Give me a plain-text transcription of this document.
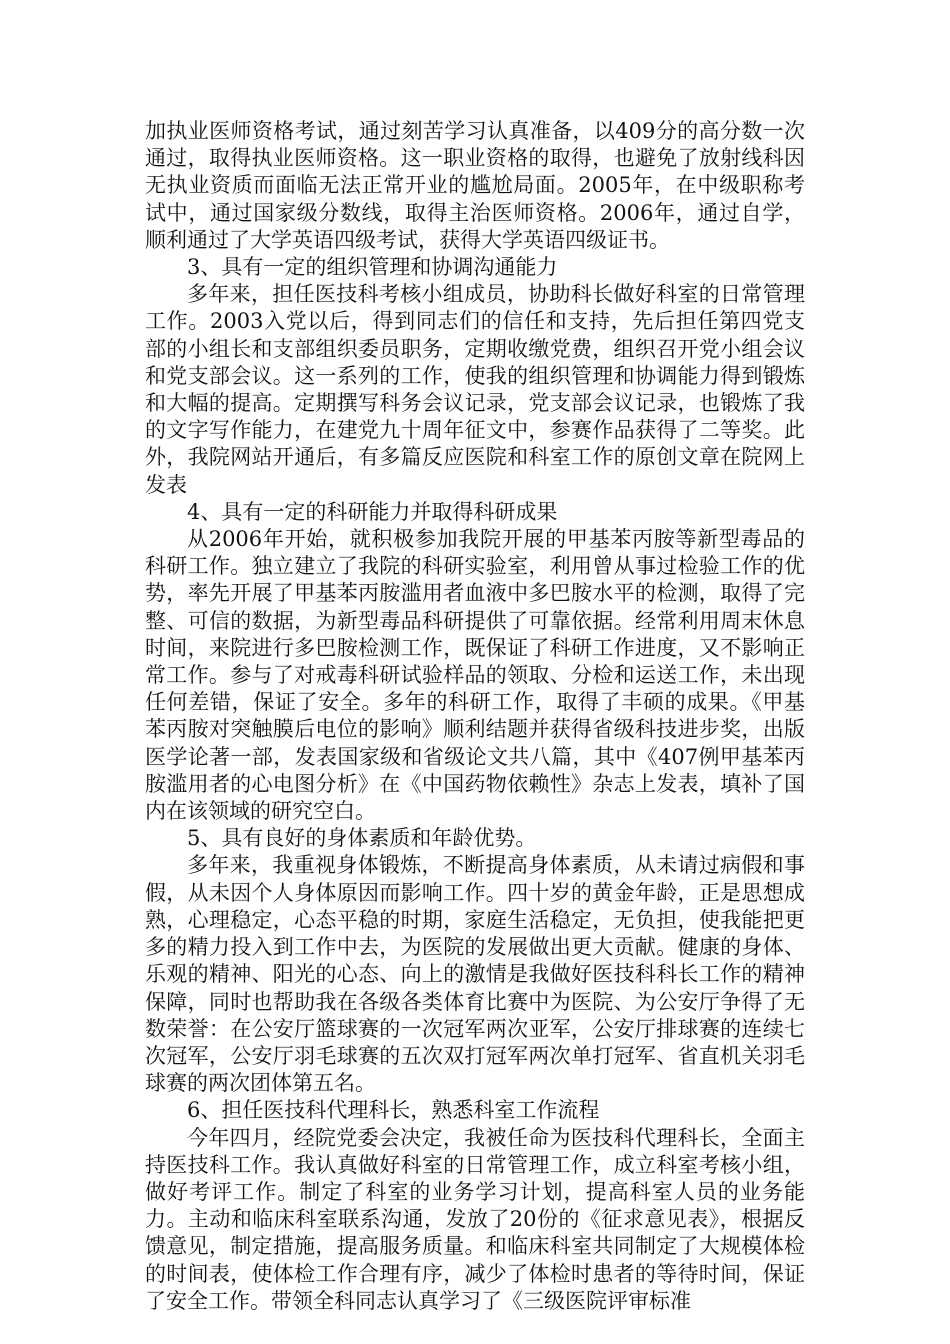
加执业医师资格考试，通过刻苦学习认真准备，以409分的高分数一次通过，取得执业医师资格。这一职业资格的取得，也避免了放射线科因无执业资质而面临无法正常开业的尴尬局面。2005年，在中级职称考试中，通过国家级分数线，取得主治医师资格。2006年，通过自学，顺利通过了大学英语四级考试，获得大学英语四级证书。

3、具有一定的组织管理和协调沟通能力

多年来，担任医技科考核小组成员，协助科长做好科室的日常管理工作。2003入党以后，得到同志们的信任和支持，先后担任第四党支部的小组长和支部组织委员职务，定期收缴党费，组织召开党小组会议和党支部会议。这一系列的工作，使我的组织管理和协调能力得到锻炼和大幅的提高。定期撰写科务会议记录，党支部会议记录，也锻炼了我的文字写作能力，在建党九十周年征文中，参赛作品获得了二等奖。此外，我院网站开通后，有多篇反应医院和科室工作的原创文章在院网上发表

4、具有一定的科研能力并取得科研成果

从2006年开始，就积极参加我院开展的甲基苯丙胺等新型毒品的科研工作。独立建立了我院的科研实验室，利用曾从事过检验工作的优势，率先开展了甲基苯丙胺滥用者血液中多巴胺水平的检测，取得了完整、可信的数据，为新型毒品科研提供了可靠依据。经常利用周末休息时间，来院进行多巴胺检测工作，既保证了科研工作进度，又不影响正常工作。参与了对戒毒科研试验样品的领取、分检和运送工作，未出现任何差错，保证了安全。多年的科研工作，取得了丰硕的成果。《甲基苯丙胺对突触膜后电位的影响》顺利结题并获得省级科技进步奖，出版医学论著一部，发表国家级和省级论文共八篇，其中《407例甲基苯丙胺滥用者的心电图分析》在《中国药物依赖性》杂志上发表，填补了国内在该领域的研究空白。

5、具有良好的身体素质和年龄优势。

多年来，我重视身体锻炼，不断提高身体素质，从未请过病假和事假，从未因个人身体原因而影响工作。四十岁的黄金年龄，正是思想成熟，心理稳定，心态平稳的时期，家庭生活稳定，无负担，使我能把更多的精力投入到工作中去，为医院的发展做出更大贡献。健康的身体、乐观的精神、阳光的心态、向上的激情是我做好医技科科长工作的精神保障，同时也帮助我在各级各类体育比赛中为医院、为公安厅争得了无数荣誉：在公安厅篮球赛的一次冠军两次亚军，公安厅排球赛的连续七次冠军，公安厅羽毛球赛的五次双打冠军两次单打冠军、省直机关羽毛球赛的两次团体第五名。

6、担任医技科代理科长，熟悉科室工作流程

今年四月，经院党委会决定，我被任命为医技科代理科长，全面主持医技科工作。我认真做好科室的日常管理工作，成立科室考核小组，做好考评工作。制定了科室的业务学习计划，提高科室人员的业务能力。主动和临床科室联系沟通，发放了20份的《征求意见表》，根据反馈意见，制定措施，提高服务质量。和临床科室共同制定了大规模体检的时间表，使体检工作合理有序，减少了体检时患者的等待时间，保证了安全工作。带领全科同志认真学习了《三级医院评审标准
